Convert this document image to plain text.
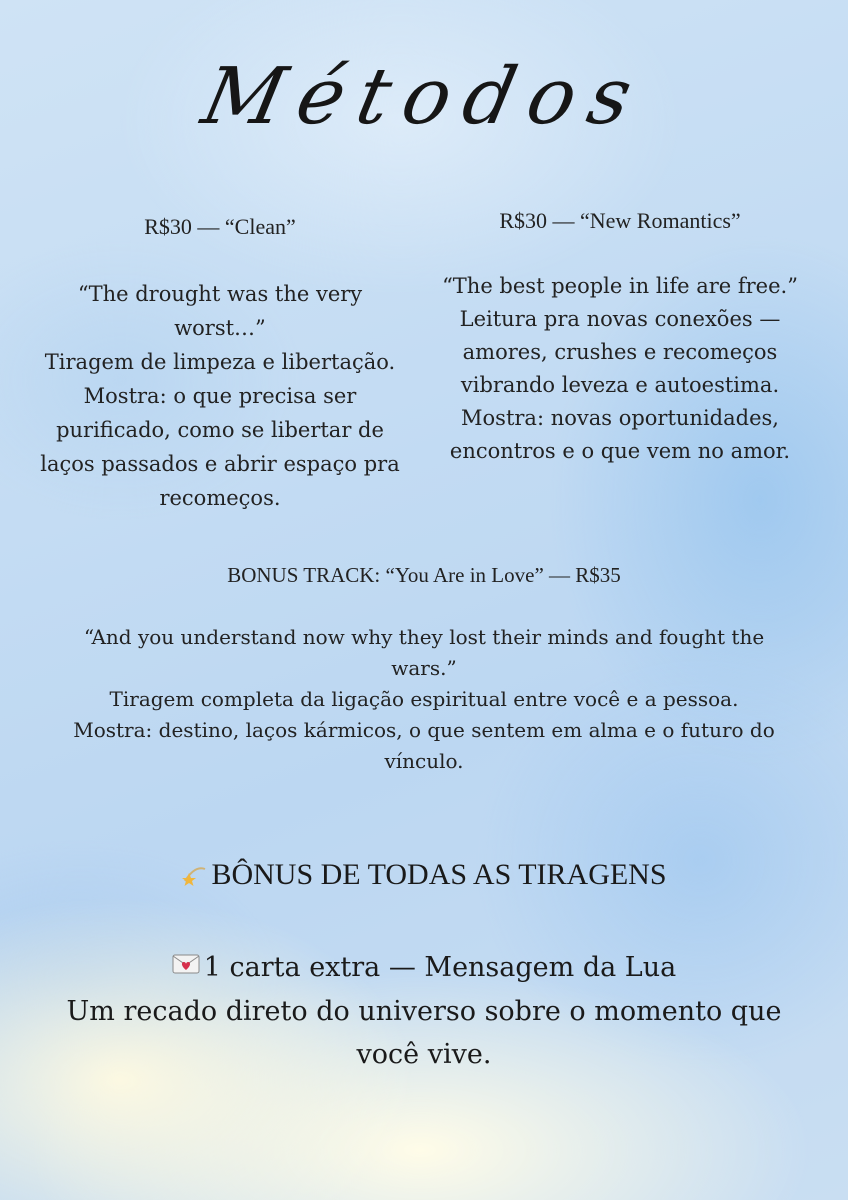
Métodos
R$30 — “Clean”
“The drought was the very worst…”
Tiragem de limpeza e libertação.
Mostra: o que precisa ser purificado, como se libertar de laços passados e abrir espaço pra recomeços.
R$30 — “New Romantics”
“The best people in life are free.”
Leitura pra novas conexões — amores, crushes e recomeços vibrando leveza e autoestima.
Mostra: novas oportunidades, encontros e o que vem no amor.
BONUS TRACK: “You Are in Love” — R$35
“And you understand now why they lost their minds and fought the wars.”
Tiragem completa da ligação espiritual entre você e a pessoa.
Mostra: destino, laços kármicos, o que sentem em alma e o futuro do vínculo.
BÔNUS DE TODAS AS TIRAGENS
1 carta extra — Mensagem da Lua
Um recado direto do universo sobre o momento que você vive.
